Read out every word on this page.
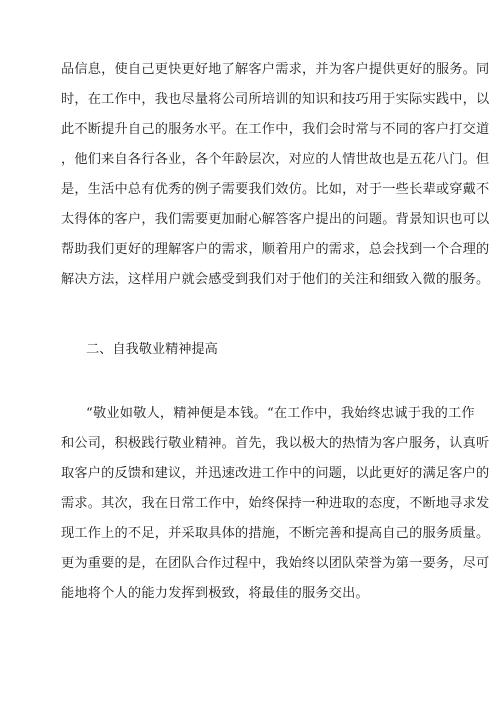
品信息，使自己更快更好地了解客户需求，并为客户提供更好的服务。同
时，在工作中，我也尽量将公司所培训的知识和技巧用于实际实践中，以
此不断提升自己的服务水平。在工作中，我们会时常与不同的客户打交道
，他们来自各行各业，各个年龄层次，对应的人情世故也是五花八门。但
是，生活中总有优秀的例子需要我们效仿。比如，对于一些长辈或穿戴不
太得体的客户，我们需要更加耐心解答客户提出的问题。背景知识也可以
帮助我们更好的理解客户的需求，顺着用户的需求，总会找到一个合理的
解决方法，这样用户就会感受到我们对于他们的关注和细致入微的服务。
二、自我敬业精神提高
“敬业如敬人，精神便是本钱。“在工作中，我始终忠诚于我的工作
和公司，积极践行敬业精神。首先，我以极大的热情为客户服务，认真听
取客户的反馈和建议，并迅速改进工作中的问题，以此更好的满足客户的
需求。其次，我在日常工作中，始终保持一种进取的态度，不断地寻求发
现工作上的不足，并采取具体的措施，不断完善和提高自己的服务质量。
更为重要的是，在团队合作过程中，我始终以团队荣誉为第一要务，尽可
能地将个人的能力发挥到极致，将最佳的服务交出。
